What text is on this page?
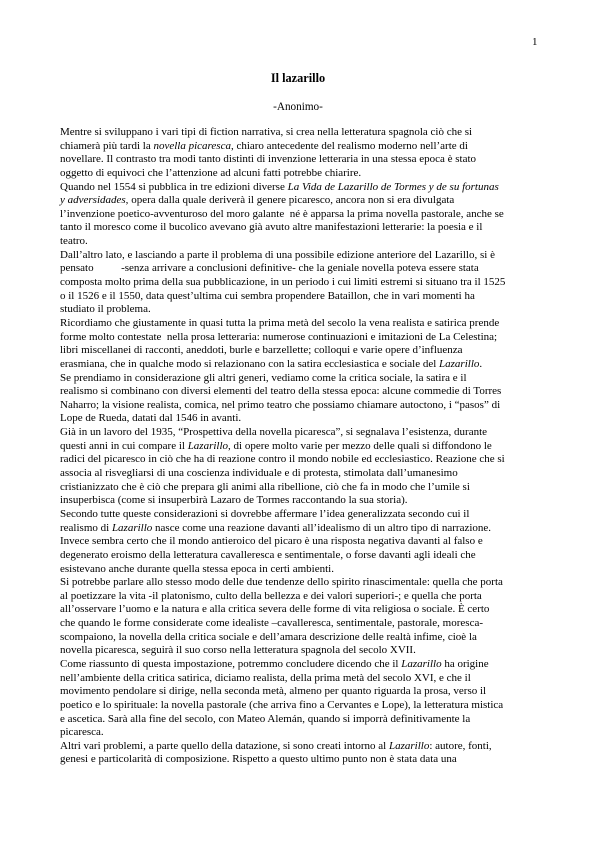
1
Il lazarillo
-Anonimo-
Mentre si sviluppano i vari tipi di fiction narrativa, si crea nella letteratura spagnola ciò che si
chiamerà più tardi la novella picaresca, chiaro antecedente del realismo moderno nell’arte di
novellare. Il contrasto tra modi tanto distinti di invenzione letteraria in una stessa epoca è stato
oggetto di equivoci che l’attenzione ad alcuni fatti potrebbe chiarire.
Quando nel 1554 si pubblica in tre edizioni diverse La Vida de Lazarillo de Tormes y de su fortunas
y adversidades, opera dalla quale deriverà il genere picaresco, ancora non si era divulgata
l’invenzione poetico-avventuroso del moro galante  né è apparsa la prima novella pastorale, anche se
tanto il moresco come il bucolico avevano già avuto altre manifestazioni letterarie: la poesia e il
teatro.
Dall’altro lato, e lasciando a parte il problema di una possibile edizione anteriore del Lazarillo, si è
pensato          -senza arrivare a conclusioni definitive- che la geniale novella poteva essere stata
composta molto prima della sua pubblicazione, in un periodo i cui limiti estremi si situano tra il 1525
o il 1526 e il 1550, data quest’ultima cui sembra propendere Bataillon, che in vari momenti ha
studiato il problema.
Ricordiamo che giustamente in quasi tutta la prima metà del secolo la vena realista e satirica prende
forme molto contestate  nella prosa letteraria: numerose continuazioni e imitazioni de La Celestina;
libri miscellanei di racconti, aneddoti, burle e barzellette; colloqui e varie opere d’influenza
erasmiana, che in qualche modo si relazionano con la satira ecclesiastica e sociale del Lazarillo.
Se prendiamo in considerazione gli altri generi, vediamo come la critica sociale, la satira e il
realismo si combinano con diversi elementi del teatro della stessa epoca: alcune commedie di Torres
Naharro; la visione realista, comica, nel primo teatro che possiamo chiamare autoctono, i “pasos” di
Lope de Rueda, datati dal 1546 in avanti.
Già in un lavoro del 1935, “Prospettiva della novella picaresca”, si segnalava l’esistenza, durante
questi anni in cui compare il Lazarillo, di opere molto varie per mezzo delle quali si diffondono le
radici del picaresco in ciò che ha di reazione contro il mondo nobile ed ecclesiastico. Reazione che si
associa al risvegliarsi di una coscienza individuale e di protesta, stimolata dall’umanesimo
cristianizzato che è ciò che prepara gli animi alla ribellione, ciò che fa in modo che l’umile si
insuperbisca (come si insuperbirà Lazaro de Tormes raccontando la sua storia).
Secondo tutte queste considerazioni si dovrebbe affermare l’idea generalizzata secondo cui il
realismo di Lazarillo nasce come una reazione davanti all’idealismo di un altro tipo di narrazione.
Invece sembra certo che il mondo antieroico del picaro è una risposta negativa davanti al falso e
degenerato eroismo della letteratura cavalleresca e sentimentale, o forse davanti agli ideali che
esistevano anche durante quella stessa epoca in certi ambienti.
Si potrebbe parlare allo stesso modo delle due tendenze dello spirito rinascimentale: quella che porta
al poetizzare la vita -il platonismo, culto della bellezza e dei valori superiori-; e quella che porta
all’osservare l’uomo e la natura e alla critica severa delle forme di vita religiosa o sociale. È certo
che quando le forme considerate come idealiste –cavalleresca, sentimentale, pastorale, moresca-
scompaiono, la novella della critica sociale e dell’amara descrizione delle realtà infime, cioè la
novella picaresca, seguirà il suo corso nella letteratura spagnola del secolo XVII.
Come riassunto di questa impostazione, potremmo concludere dicendo che il Lazarillo ha origine
nell’ambiente della critica satirica, diciamo realista, della prima metà del secolo XVI, e che il
movimento pendolare si dirige, nella seconda metà, almeno per quanto riguarda la prosa, verso il
poetico e lo spirituale: la novella pastorale (che arriva fino a Cervantes e Lope), la letteratura mistica
e ascetica. Sarà alla fine del secolo, con Mateo Alemán, quando si imporrà definitivamente la
picaresca.
Altri vari problemi, a parte quello della datazione, si sono creati intorno al Lazarillo: autore, fonti,
genesi e particolarità di composizione. Rispetto a questo ultimo punto non è stata data una
